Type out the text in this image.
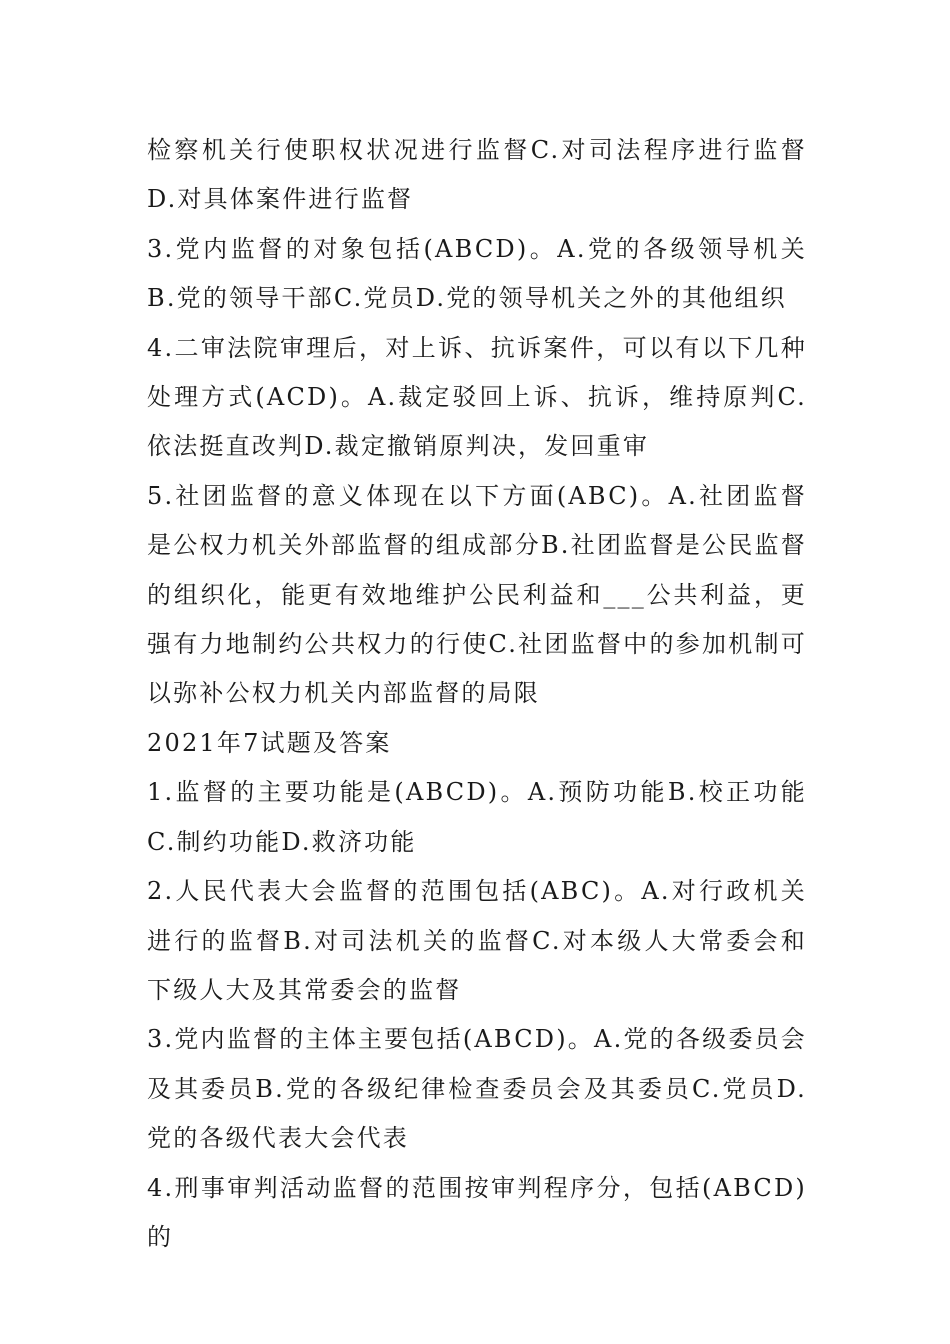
检察机关行使职权状况进行监督C.对司法程序进行监督D.对具体案件进行监督

3.党内监督的对象包括(ABCD)。A.党的各级领导机关B.党的领导干部C.党员D.党的领导机关之外的其他组织

4.二审法院审理后，对上诉、抗诉案件，可以有以下几种处理方式(ACD)。A.裁定驳回上诉、抗诉，维持原判C.依法挺直改判D.裁定撤销原判决，发回重审

5.社团监督的意义体现在以下方面(ABC)。A.社团监督是公权力机关外部监督的组成部分B.社团监督是公民监督的组织化，能更有效地维护公民利益和___公共利益，更强有力地制约公共权力的行使C.社团监督中的参加机制可以弥补公权力机关内部监督的局限

2021年7试题及答案

1.监督的主要功能是(ABCD)。A.预防功能B.校正功能C.制约功能D.救济功能

2.人民代表大会监督的范围包括(ABC)。A.对行政机关进行的监督B.对司法机关的监督C.对本级人大常委会和下级人大及其常委会的监督

3.党内监督的主体主要包括(ABCD)。A.党的各级委员会及其委员B.党的各级纪律检查委员会及其委员C.党员D.党的各级代表大会代表

4.刑事审判活动监督的范围按审判程序分，包括(ABCD)的
